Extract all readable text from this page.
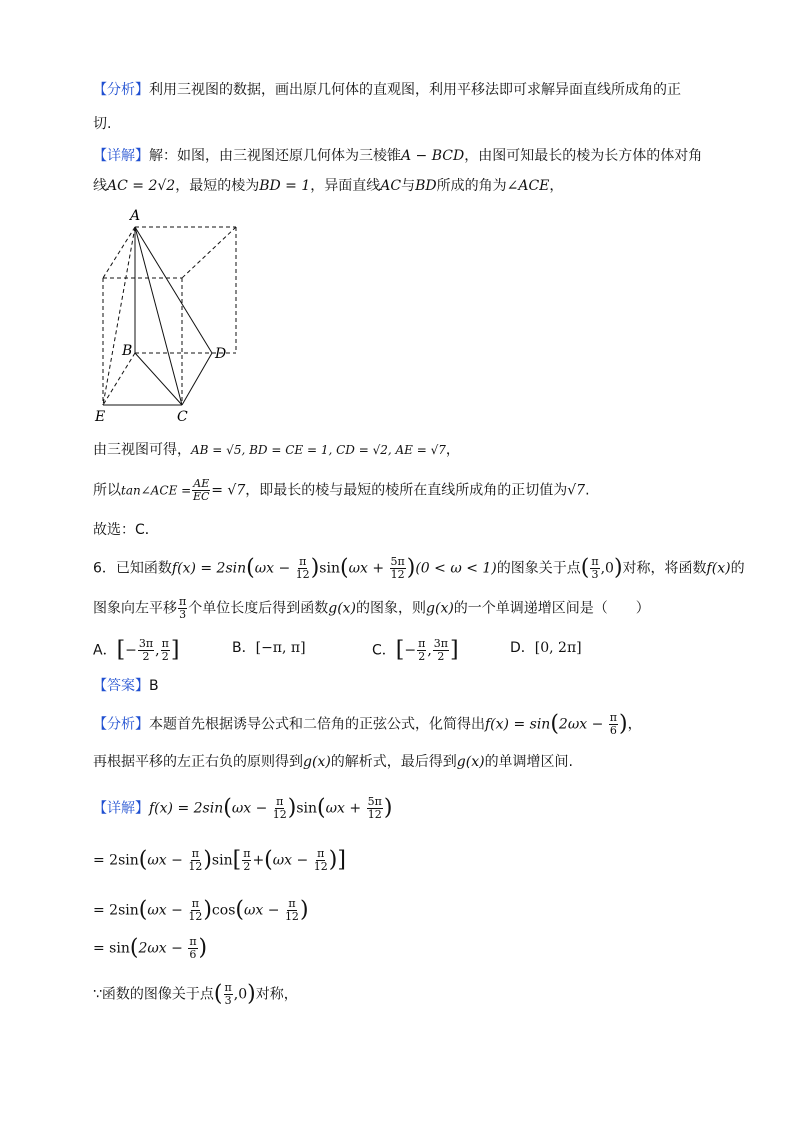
【分析】利用三视图的数据，画出原几何体的直观图，利用平移法即可求解异面直线所成角的正
切.
【详解】解：如图，由三视图还原几何体为三棱锥A − BCD，由图可知最长的棱为长方体的体对角
线AC = 2√2，最短的棱为BD = 1，异面直线AC与BD所成的角为∠ACE，
A
B	D
E	C
由三视图可得，AB = √5, BD = CE = 1, CD = √2, AE = √7，
所以tan∠ACE = $\frac{AE}{EC} = √7$，即最长的棱与最短的棱所在直线所成角的正切值为√7.
故选：C．
6．已知函数$f(x) = 2\sin(\omega x - \frac{\pi}{12} )\sin(\omega x + \frac{5\pi}{12} )(0 < \omega < 1)$的图象关于点( $\frac{\pi}{3} ,0$)对称，将函数f(x)的
图象向左平移 $\frac{\pi}{3}$ 个单位长度后得到函数g(x)的图象，则g(x)的一个单调递增区间是（　　）
A．[− $\frac{3\pi}{2}$ , $\frac{\pi}{2}$ ]	B．[−π, π]	C．[− $\frac{\pi}{2}$ , $\frac{3\pi}{2}$ ]	D．[0, 2π]
【答案】B
【分析】本题首先根据诱导公式和二倍角的正弦公式，化简得出$f(x) = \sin(2\omega x - \frac{\pi}{6}$ )，
再根据平移的左正右负的原则得到g(x)的解析式，最后得到g(x)的单调增区间.
【详解】$f(x) = 2\sin(\omega x - \frac{\pi}{12} )\sin(\omega x + \frac{5\pi}{12}$ )
= $2\sin(\omega x - \frac{\pi}{12} )\sin[ \frac{\pi}{2} +(\omega x - \frac{\pi}{12}$ )]
= $2\sin(\omega x - \frac{\pi}{12} )\cos(\omega x - \frac{\pi}{12}$ )
= $\sin(2\omega x - \frac{\pi}{6}$ )
∵函数的图像关于点( $\frac{\pi}{3} ,0$)对称，
